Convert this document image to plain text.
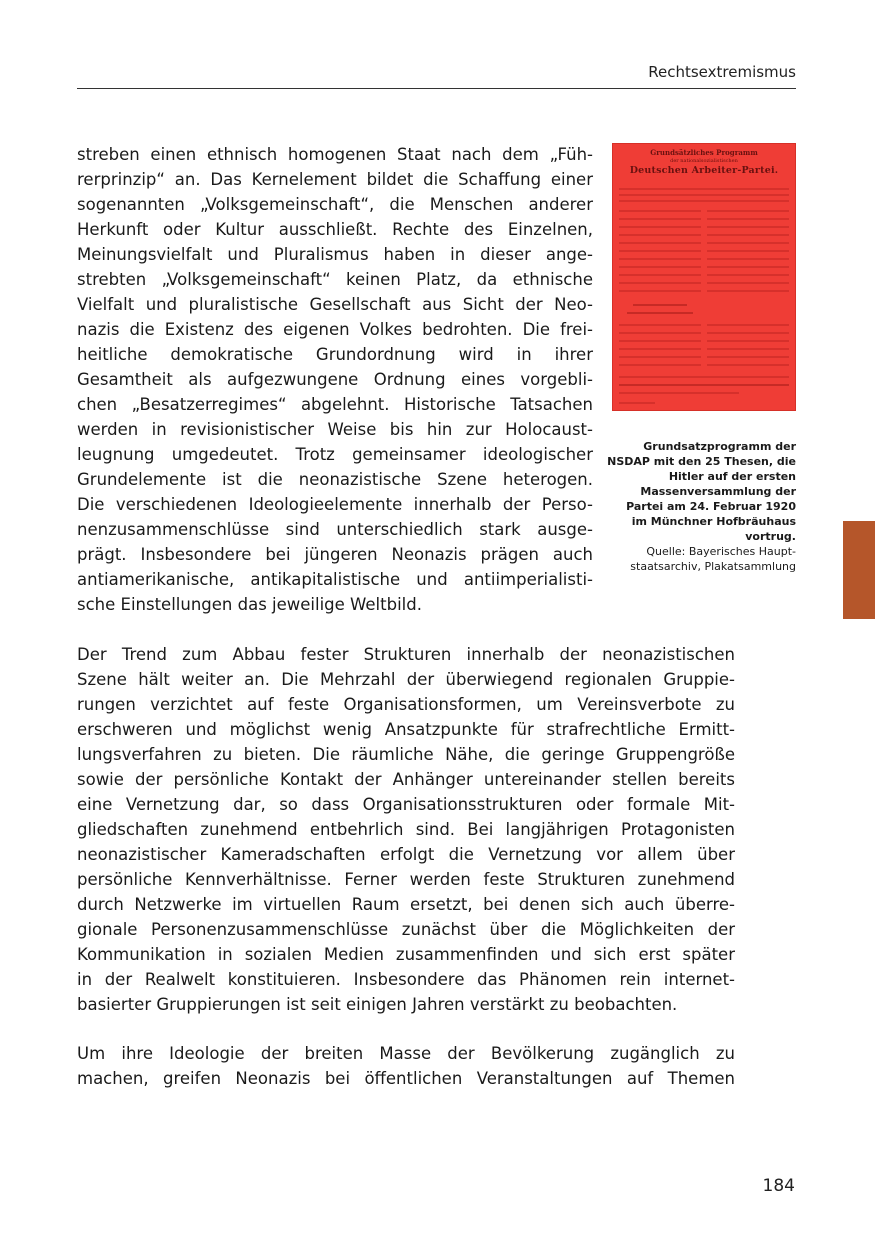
Rechtsextremismus
streben einen ethnisch homogenen Staat nach dem „Füh-
rerprinzip“ an. Das Kernelement bildet die Schaffung einer
sogenannten „Volksgemeinschaft“, die Menschen anderer
Herkunft oder Kultur ausschließt. Rechte des Einzelnen,
Meinungsvielfalt und Pluralismus haben in dieser ange-
strebten „Volksgemeinschaft“ keinen Platz, da ethnische
Vielfalt und pluralistische Gesellschaft aus Sicht der Neo-
nazis die Existenz des eigenen Volkes bedrohten. Die frei-
heitliche demokratische Grundordnung wird in ihrer
Gesamtheit als aufgezwungene Ordnung eines vorgebli-
chen „Besatzerregimes“ abgelehnt. Historische Tatsachen
werden in revisionistischer Weise bis hin zur Holocaust-
leugnung umgedeutet. Trotz gemeinsamer ideologischer
Grundelemente ist die neonazistische Szene heterogen.
Die verschiedenen Ideologieelemente innerhalb der Perso-
nenzusammenschlüsse sind unterschiedlich stark ausge-
prägt. Insbesondere bei jüngeren Neonazis prägen auch
antiamerikanische, antikapitalistische und antiimperialisti-
sche Einstellungen das jeweilige Weltbild.
Grundsätzliches Programm
der nationalsozialistischen
Deutschen Arbeiter-Partei.
Grundsatzprogramm der
NSDAP mit den 25 Thesen, die
Hitler auf der ersten
Massenversammlung der
Partei am 24. Februar 1920
im Münchner Hofbräuhaus
vortrug.
Quelle: Bayerisches Haupt-
staatsarchiv, Plakatsammlung
Der Trend zum Abbau fester Strukturen innerhalb der neonazistischen
Szene hält weiter an. Die Mehrzahl der überwiegend regionalen Gruppie-
rungen verzichtet auf feste Organisationsformen, um Vereinsverbote zu
erschweren und möglichst wenig Ansatzpunkte für strafrechtliche Ermitt-
lungsverfahren zu bieten. Die räumliche Nähe, die geringe Gruppengröße
sowie der persönliche Kontakt der Anhänger untereinander stellen bereits
eine Vernetzung dar, so dass Organisationsstrukturen oder formale Mit-
gliedschaften zunehmend entbehrlich sind. Bei langjährigen Protagonisten
neonazistischer Kameradschaften erfolgt die Vernetzung vor allem über
persönliche Kennverhältnisse. Ferner werden feste Strukturen zunehmend
durch Netzwerke im virtuellen Raum ersetzt, bei denen sich auch überre-
gionale Personenzusammenschlüsse zunächst über die Möglichkeiten der
Kommunikation in sozialen Medien zusammenfinden und sich erst später
in der Realwelt konstituieren. Insbesondere das Phänomen rein internet-
basierter Gruppierungen ist seit einigen Jahren verstärkt zu beobachten.
Um ihre Ideologie der breiten Masse der Bevölkerung zugänglich zu
machen, greifen Neonazis bei öffentlichen Veranstaltungen auf Themen
184
